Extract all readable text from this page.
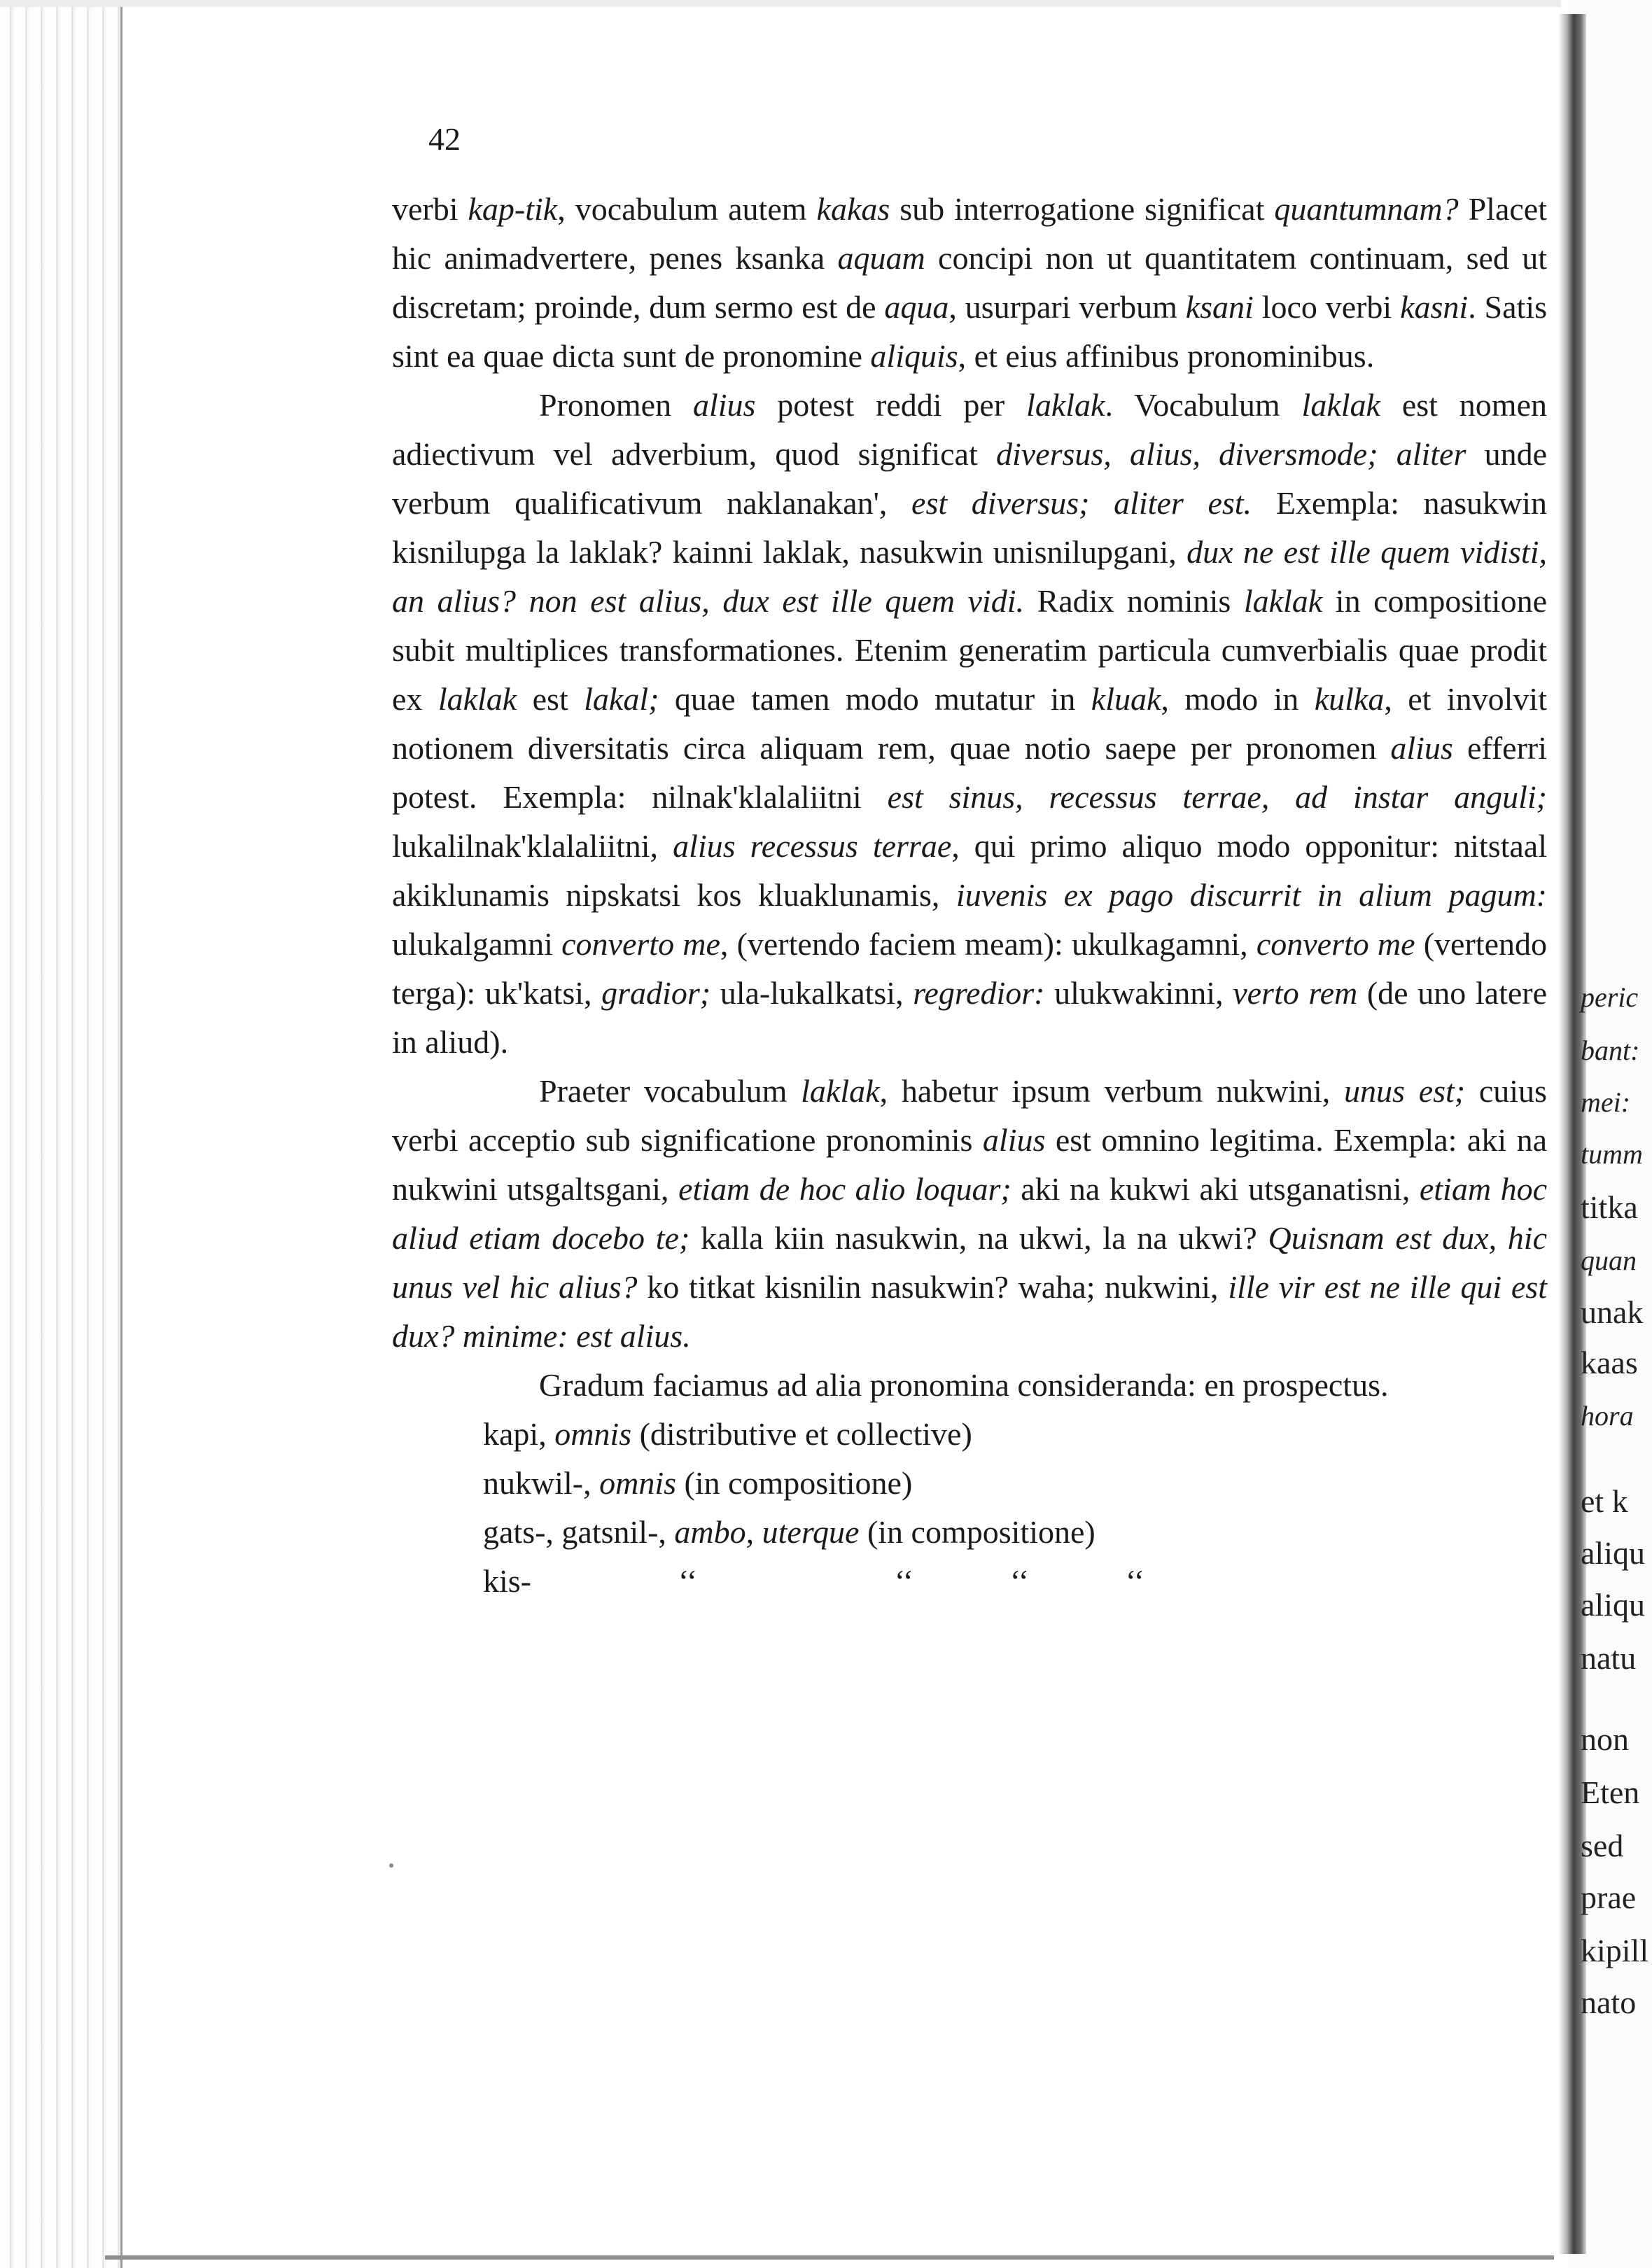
42

verbi kap-tik, vocabulum autem kakas sub interrogatione significat quantumnam? Placet hic animadvertere, penes ksanka aquam concipi non ut quantitatem continuam, sed ut discretam; proinde, dum sermo est de aqua, usurpari verbum ksani loco verbi kasni. Satis sint ea quae dicta sunt de pronomine aliquis, et eius affinibus pronominibus.

Pronomen alius potest reddi per laklak. Vocabulum laklak est nomen adiectivum vel adverbium, quod significat diversus, alius, diversmode; aliter unde verbum qualificativum naklanakan', est diversus; aliter est. Exempla: nasukwin kisnilupga la laklak? kainni laklak, nasukwin unisnilupgani, dux ne est ille quem vidisti, an alius? non est alius, dux est ille quem vidi. Radix nominis laklak in compositione subit multiplices transformationes. Etenim generatim particula cumverbialis quae prodit ex laklak est lakal; quae tamen modo mutatur in kluak, modo in kulka, et involvit notionem diversitatis circa aliquam rem, quae notio saepe per pronomen alius efferri potest. Exempla: nilnak'klalaliitni est sinus, recessus terrae, ad instar anguli; lukalilnak'klalaliitni, alius recessus terrae, qui primo aliquo modo opponitur: nitstaal akiklunamis nipskatsi kos kluaklunamis, iuvenis ex pago discurrit in alium pagum: ulukalgamni converto me, (vertendo faciem meam): ukulkagamni, converto me (vertendo terga): uk'katsi, gradior; ula-lukalkatsi, regredior: ulukwakinni, verto rem (de uno latere in aliud).

Praeter vocabulum laklak, habetur ipsum verbum nukwini, unus est; cuius verbi acceptio sub significatione pronominis alius est omnino legitima. Exempla: aki na nukwini utsgaltsgani, etiam de hoc alio loquar; aki na kukwi aki utsganatisni, etiam hoc aliud etiam docebo te; kalla kiin nasukwin, na ukwi, la na ukwi? Quisnam est dux, hic unus vel hic alius? ko titkat kisnilin nasukwin? waha; nukwini, ille vir est ne ille qui est dux? minime: est alius.

Gradum faciamus ad alia pronomina consideranda: en prospectus.

kapi, omnis (distributive et collective)
nukwil-, omnis (in compositione)
gats-, gatsnil-, ambo, uterque (in compositione)
kis-	‘‘	‘‘	‘‘	‘‘
peric
bant:
mei:
tumm
titka
quan
unak
kaas
hora
et k
aliqu
aliqu
natu
non
Eten
sed
prae
kipill
nato
